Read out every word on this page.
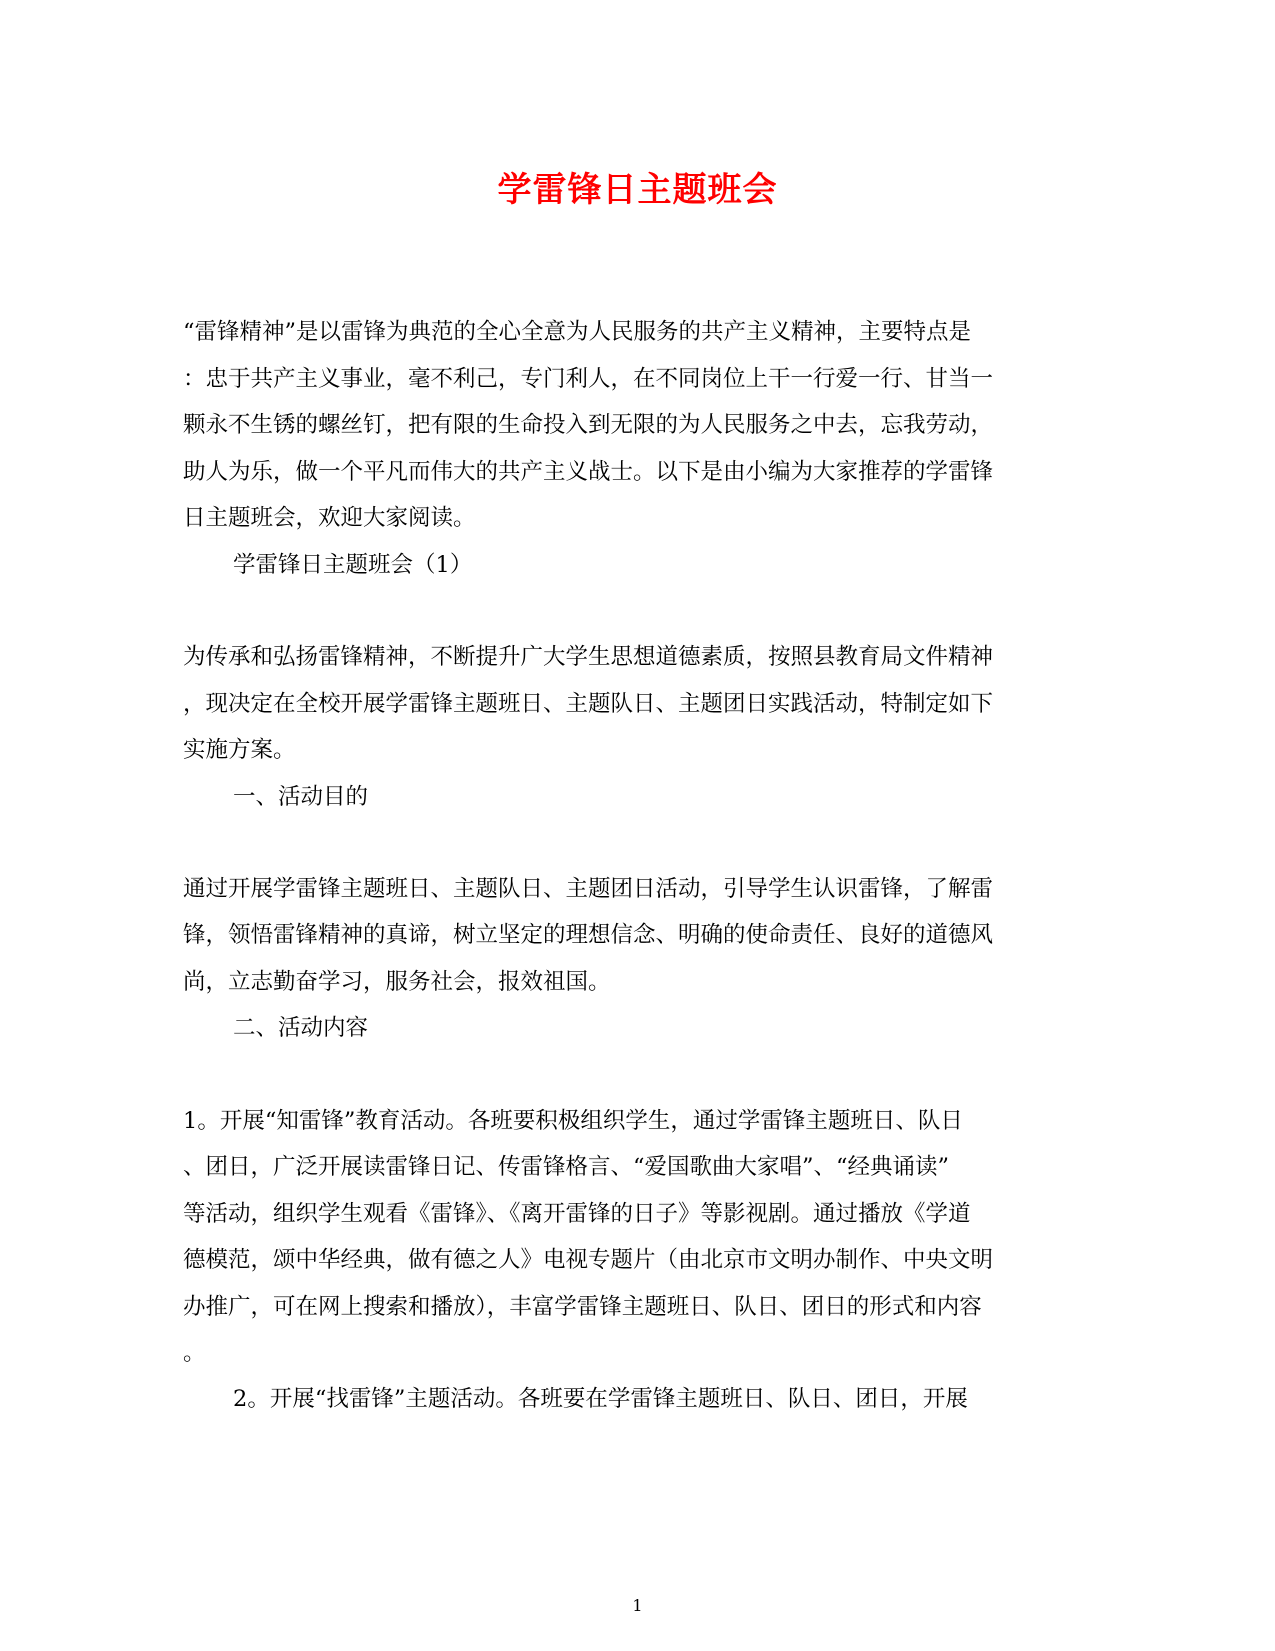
学雷锋日主题班会
“雷锋精神”是以雷锋为典范的全心全意为人民服务的共产主义精神，主要特点是
：忠于共产主义事业，毫不利己，专门利人，在不同岗位上干一行爱一行、甘当一
颗永不生锈的螺丝钉，把有限的生命投入到无限的为人民服务之中去，忘我劳动，
助人为乐，做一个平凡而伟大的共产主义战士。以下是由小编为大家推荐的学雷锋
日主题班会，欢迎大家阅读。
学雷锋日主题班会（1）
为传承和弘扬雷锋精神，不断提升广大学生思想道德素质，按照县教育局文件精神
，现决定在全校开展学雷锋主题班日、主题队日、主题团日实践活动，特制定如下
实施方案。
一、活动目的
通过开展学雷锋主题班日、主题队日、主题团日活动，引导学生认识雷锋，了解雷
锋，领悟雷锋精神的真谛，树立坚定的理想信念、明确的使命责任、良好的道德风
尚，立志勤奋学习，服务社会，报效祖国。
二、活动内容
1。开展“知雷锋”教育活动。各班要积极组织学生，通过学雷锋主题班日、队日
、团日，广泛开展读雷锋日记、传雷锋格言、“爱国歌曲大家唱”、“经典诵读”
等活动，组织学生观看《雷锋》、《离开雷锋的日子》等影视剧。通过播放《学道
德模范，颂中华经典，做有德之人》电视专题片（由北京市文明办制作、中央文明
办推广，可在网上搜索和播放），丰富学雷锋主题班日、队日、团日的形式和内容
。
2。开展“找雷锋”主题活动。各班要在学雷锋主题班日、队日、团日，开展
1
